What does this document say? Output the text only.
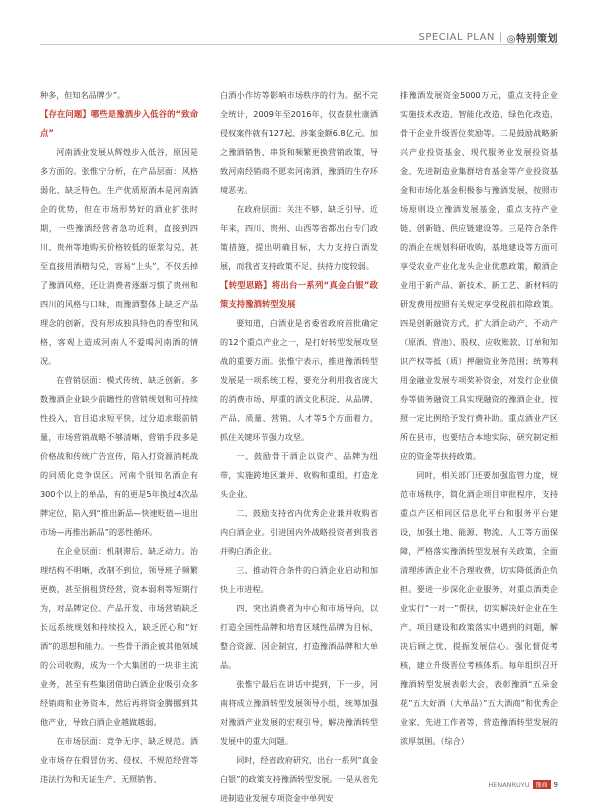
SPECIAL PLAN | ◎特别策划

种多，但知名品牌少”。

【存在问题】哪些是豫酒步入低谷的“致命点”

河南酒业发展从辉煌步入低谷，原因是多方面的。张惟宁分析，在产品层面：风格弱化、缺乏特色。生产优质原酒本是河南酒企的优势，但在市场形势好的酒业扩张时期，一些豫酒经营者急功近利，直接到四川、贵州等地购买价格较低的原浆勾兑，甚至直接用酒精勾兑，容易“上头”，不仅丢掉了豫酒风格，还让消费者逐渐习惯了贵州和四川的风格与口味，而豫酒整体上缺乏产品理念的创新，没有形成独具特色的香型和风格，客观上造成河南人不爱喝河南酒的情况。

在营销层面：模式传统、缺乏创新。多数豫酒企业缺少前瞻性的营销规划和可持续性投入，盲目追求短平快，过分追求眼前销量，市场营销战略不够清晰，营销手段多是价格战和传统广告宣传，陷入打资源消耗战的同质化竞争误区。河南个别知名酒企有300个以上的单品，有的更是5年换过4次品牌定位，陷入到“推出新品—快速贬值—退出市场—再推出新品”的恶性循环。

在企业层面：机制滞后、缺乏动力。治理结构不明晰，改制不到位，领导班子频繁更换，甚至捐租贷经营，资本弱利等短期行为，对品牌定位、产品开发、市场营销缺乏长远系统规划和持续投入，缺乏匠心和“好酒”的思想和能力。一些骨干酒企被其他领域的公司收购，成为一个大集团的一块非主流业务，甚至有些集团借助白酒企业吸引众多经销商和业务资本，然后再将资金腾挪到其他产业，导致白酒企业越做越弱。

在市场层面：竞争无序、缺乏规范。酒业市场存在假冒仿劣、侵权、不规范经营等违法行为和无证生产、无照销售、

白酒小作坊等影响市场秩序的行为。据不完全统计，2009年至2016年，仅查获杜康酒侵权案件就有127起、涉案金额6.8亿元。加之豫酒销售、串货和频繁更换营销政策，导致河南经销商不愿卖河南酒，豫酒的生存环境恶劣。

在政府层面：关注不够、缺乏引导。近年来，四川、贵州、山西等省都出台专门政策措施，提出明确目标，大力支持白酒发展，而我省支持政策不足、扶持力度较弱。

【转型思路】将出台一系列“真金白银”政策支持豫酒转型发展

要知道，白酒业是省委省政府首批确定的12个重点产业之一，是打好转型发展攻坚战的重要方面。张惟宁表示，推进豫酒转型发展是一项系统工程，要充分利用我省庞大的消费市场、厚重的酒文化积淀、从品牌、产品、质量、营销、人才等5个方面着力，抓住关键环节强力攻坚。

一、鼓励骨干酒企以资产、品牌为纽带，实施跨地区兼并、收购和重组，打造龙头企业。

二、鼓励支持省内优秀企业兼并收购省内白酒企业。引进国内外战略投资者到我省并购白酒企业。

三、推动符合条件的白酒企业启动和加快上市进程。

四、突出消费者为中心和市场导向，以打造全国性品牌和培育区域性品牌为目标，整合资源、因企制宜，打造豫酒品牌和大单品。

张惟宁最后在讲话中提到，下一步，河南将成立豫酒转型发展领导小组，统筹加强对豫酒产业发展的宏观引导，解决豫酒转型发展中的重大问题。

同时，经省政府研究，出台一系列“真金白银”的政策支持豫酒转型发展。一是从省先进制造业发展专项资金中单列安

排豫酒发展资金5000万元，重点支持企业实施技术改造、智能化改造、绿色化改造，骨干企业升级晋位奖励等。二是鼓励战略新兴产业投资基金、现代服务业发展投资基金、先进制造业集群培育基金等产业投资基金和市场化基金积极参与豫酒发展，按照市场原则设立豫酒发展基金，重点支持产业链、创新链、供应链建设等。三是符合条件的酒企在规划科研收购，基地建设等方面可享受农业产业化龙头企业优惠政策，酿酒企业用于新产品、新技术、新工艺、新材料的研发费用按照有关规定享受税前扣除政策。四是创新融资方式，扩大酒企动产、不动产（原酒、营池）、股权、应收账款、订单和知识产权等抵（质）押融资业务范围；统筹利用金融业发展专项奖补资金，对发行企业债券等债务融资工具实现融资的豫酒企业，按照一定比例给予发行费补助。重点酒业产区所在县市，也要结合本地实际，研究制定相应的资金等扶持政策。

同时，相关部门还要加强监管力度，规范市场秩序，简化酒企项目审批程序，支持重点产区相同区信息化平台和服务平台建设，加强土地、能源、物流、人工等方面保障，严格落实豫酒转型发展有关政策，全面清理涉酒企业不合理收费，切实降低酒企负担。要进一步深化企业服务，对重点酒类企业实行“一对一”帮扶，切实解决好企业在生产、项目建设和政策落实中遇到的问题，解决后顾之忧，提振发展信心。强化督促考核，建立升级晋位考核体系。每年组织召开豫酒转型发展表彰大会，表彰豫酒“五朵金花”五大好酒（大单品）”五大酒商”和优秀企业家、先进工作者等，营造豫酒转型发展的浓厚氛围。（综合）

HENANRUYU	豫商 9
